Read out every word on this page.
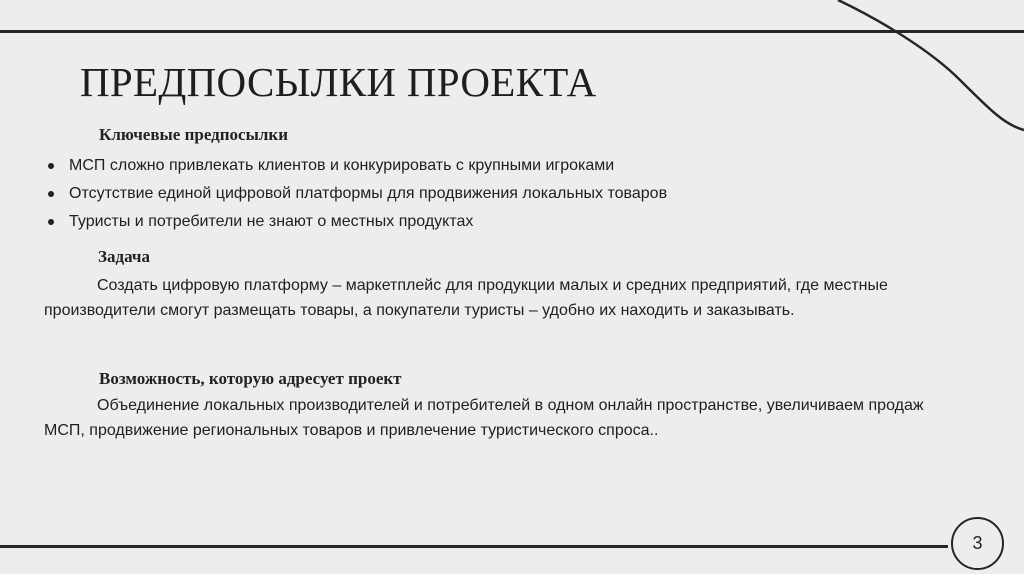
ПРЕДПОСЫЛКИ ПРОЕКТА
Ключевые предпосылки
МСП сложно привлекать клиентов и конкурировать с крупными игроками
Отсутствие единой цифровой платформы для продвижения локальных товаров
Туристы и потребители не знают о местных продуктах
Задача

Создать цифровую платформу – маркетплейс для продукции малых и средних предприятий, где местные производители смогут размещать товары, а покупатели туристы – удобно их находить и заказывать.

Возможность, которую адресует проект

Объединение локальных производителей и потребителей в одном онлайн пространстве, увеличиваем продаж МСП, продвижение региональных товаров и привлечение туристического спроса..

3
